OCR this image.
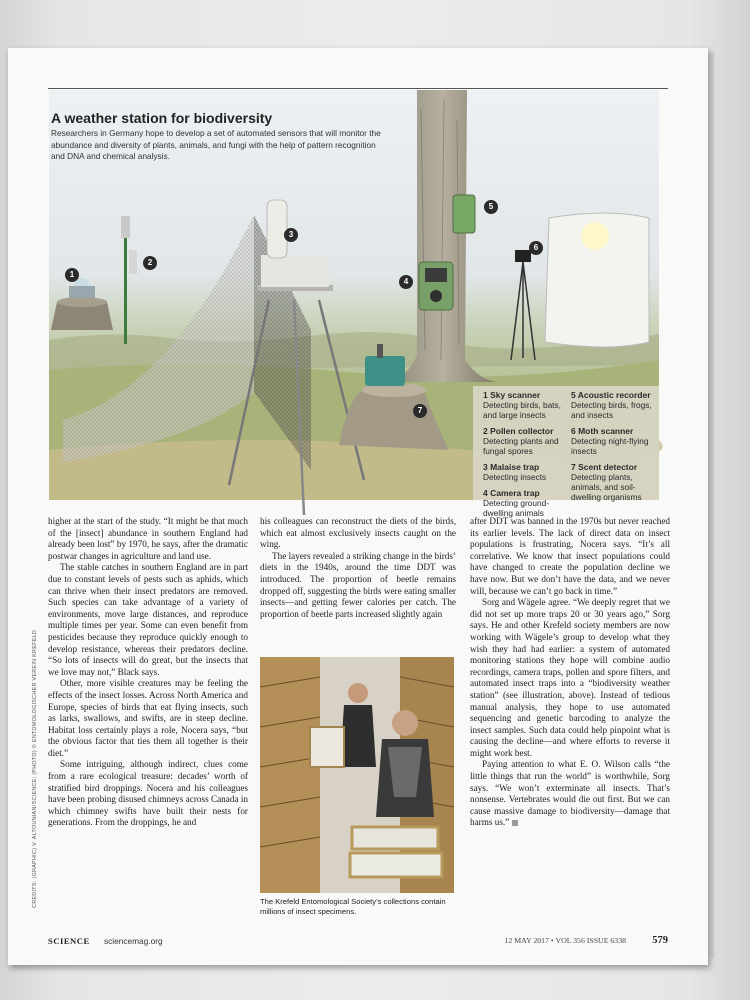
A weather station for biodiversity
Researchers in Germany hope to develop a set of automated sensors that will monitor the abundance and diversity of plants, animals, and fungi with the help of pattern recognition and DNA and chemical analysis.
1
2
3
4
5
6
7
1 Sky scanner
Detecting birds, bats, and large insects
2 Pollen collector
Detecting plants and fungal spores
3 Malaise trap
Detecting insects
4 Camera trap
Detecting ground-dwelling animals
5 Acoustic recorder
Detecting birds, frogs, and insects
6 Moth scanner
Detecting night-flying insects
7 Scent detector
Detecting plants, animals, and soil-dwelling organisms

higher at the start of the study. “It might be that much of the [insect] abundance in southern England had already been lost” by 1970, he says, after the dramatic postwar changes in agriculture and land use.

The stable catches in southern England are in part due to constant levels of pests such as aphids, which can thrive when their insect predators are removed. Such species can take advantage of a variety of environments, move large distances, and reproduce multiple times per year. Some can even benefit from pesticides because they reproduce quickly enough to develop resistance, whereas their predators decline. “So lots of insects will do great, but the insects that we love may not,” Black says.

Other, more visible creatures may be feeling the effects of the insect losses. Across North America and Europe, species of birds that eat flying insects, such as larks, swallows, and swifts, are in steep decline. Habitat loss certainly plays a role, Nocera says, “but the obvious factor that ties them all together is their diet.”

Some intriguing, although indirect, clues come from a rare ecological treasure: decades’ worth of stratified bird droppings. Nocera and his colleagues have been probing disused chimneys across Canada in which chimney swifts have built their nests for generations. From the droppings, he and

his colleagues can reconstruct the diets of the birds, which eat almost exclusively insects caught on the wing.

The layers revealed a striking change in the birds’ diets in the 1940s, around the time DDT was introduced. The proportion of beetle remains dropped off, suggesting the birds were eating smaller insects—and getting fewer calories per catch. The proportion of beetle parts increased slightly again

The Krefeld Entomological Society’s collections contain millions of insect specimens.

after DDT was banned in the 1970s but never reached its earlier levels. The lack of direct data on insect populations is frustrating, Nocera says. “It’s all correlative. We know that insect populations could have changed to create the population decline we have now. But we don’t have the data, and we never will, because we can’t go back in time.”

Sorg and Wägele agree. “We deeply regret that we did not set up more traps 20 or 30 years ago,” Sorg says. He and other Krefeld society members are now working with Wägele’s group to develop what they wish they had had earlier: a system of automated monitoring stations they hope will combine audio recordings, camera traps, pollen and spore filters, and automated insect traps into a “biodiversity weather station” (see illustration, above). Instead of tedious manual analysis, they hope to use automated sequencing and genetic barcoding to analyze the insect samples. Such data could help pinpoint what is causing the decline—and where efforts to reverse it might work best.

Paying attention to what E. O. Wilson calls “the little things that run the world” is worthwhile, Sorg says. “We won’t exterminate all insects. That’s nonsense. Vertebrates would die out first. But we can cause massive damage to biodiversity—damage that harms us.”

CREDITS: (GRAPHIC) V. ALTOUNIAN/SCIENCE; (PHOTO) © ENTOMOLOGISCHER VEREIN KREFELD
SCIENCE sciencemag.org	12 MAY 2017 • VOL 356 ISSUE 6338	579
